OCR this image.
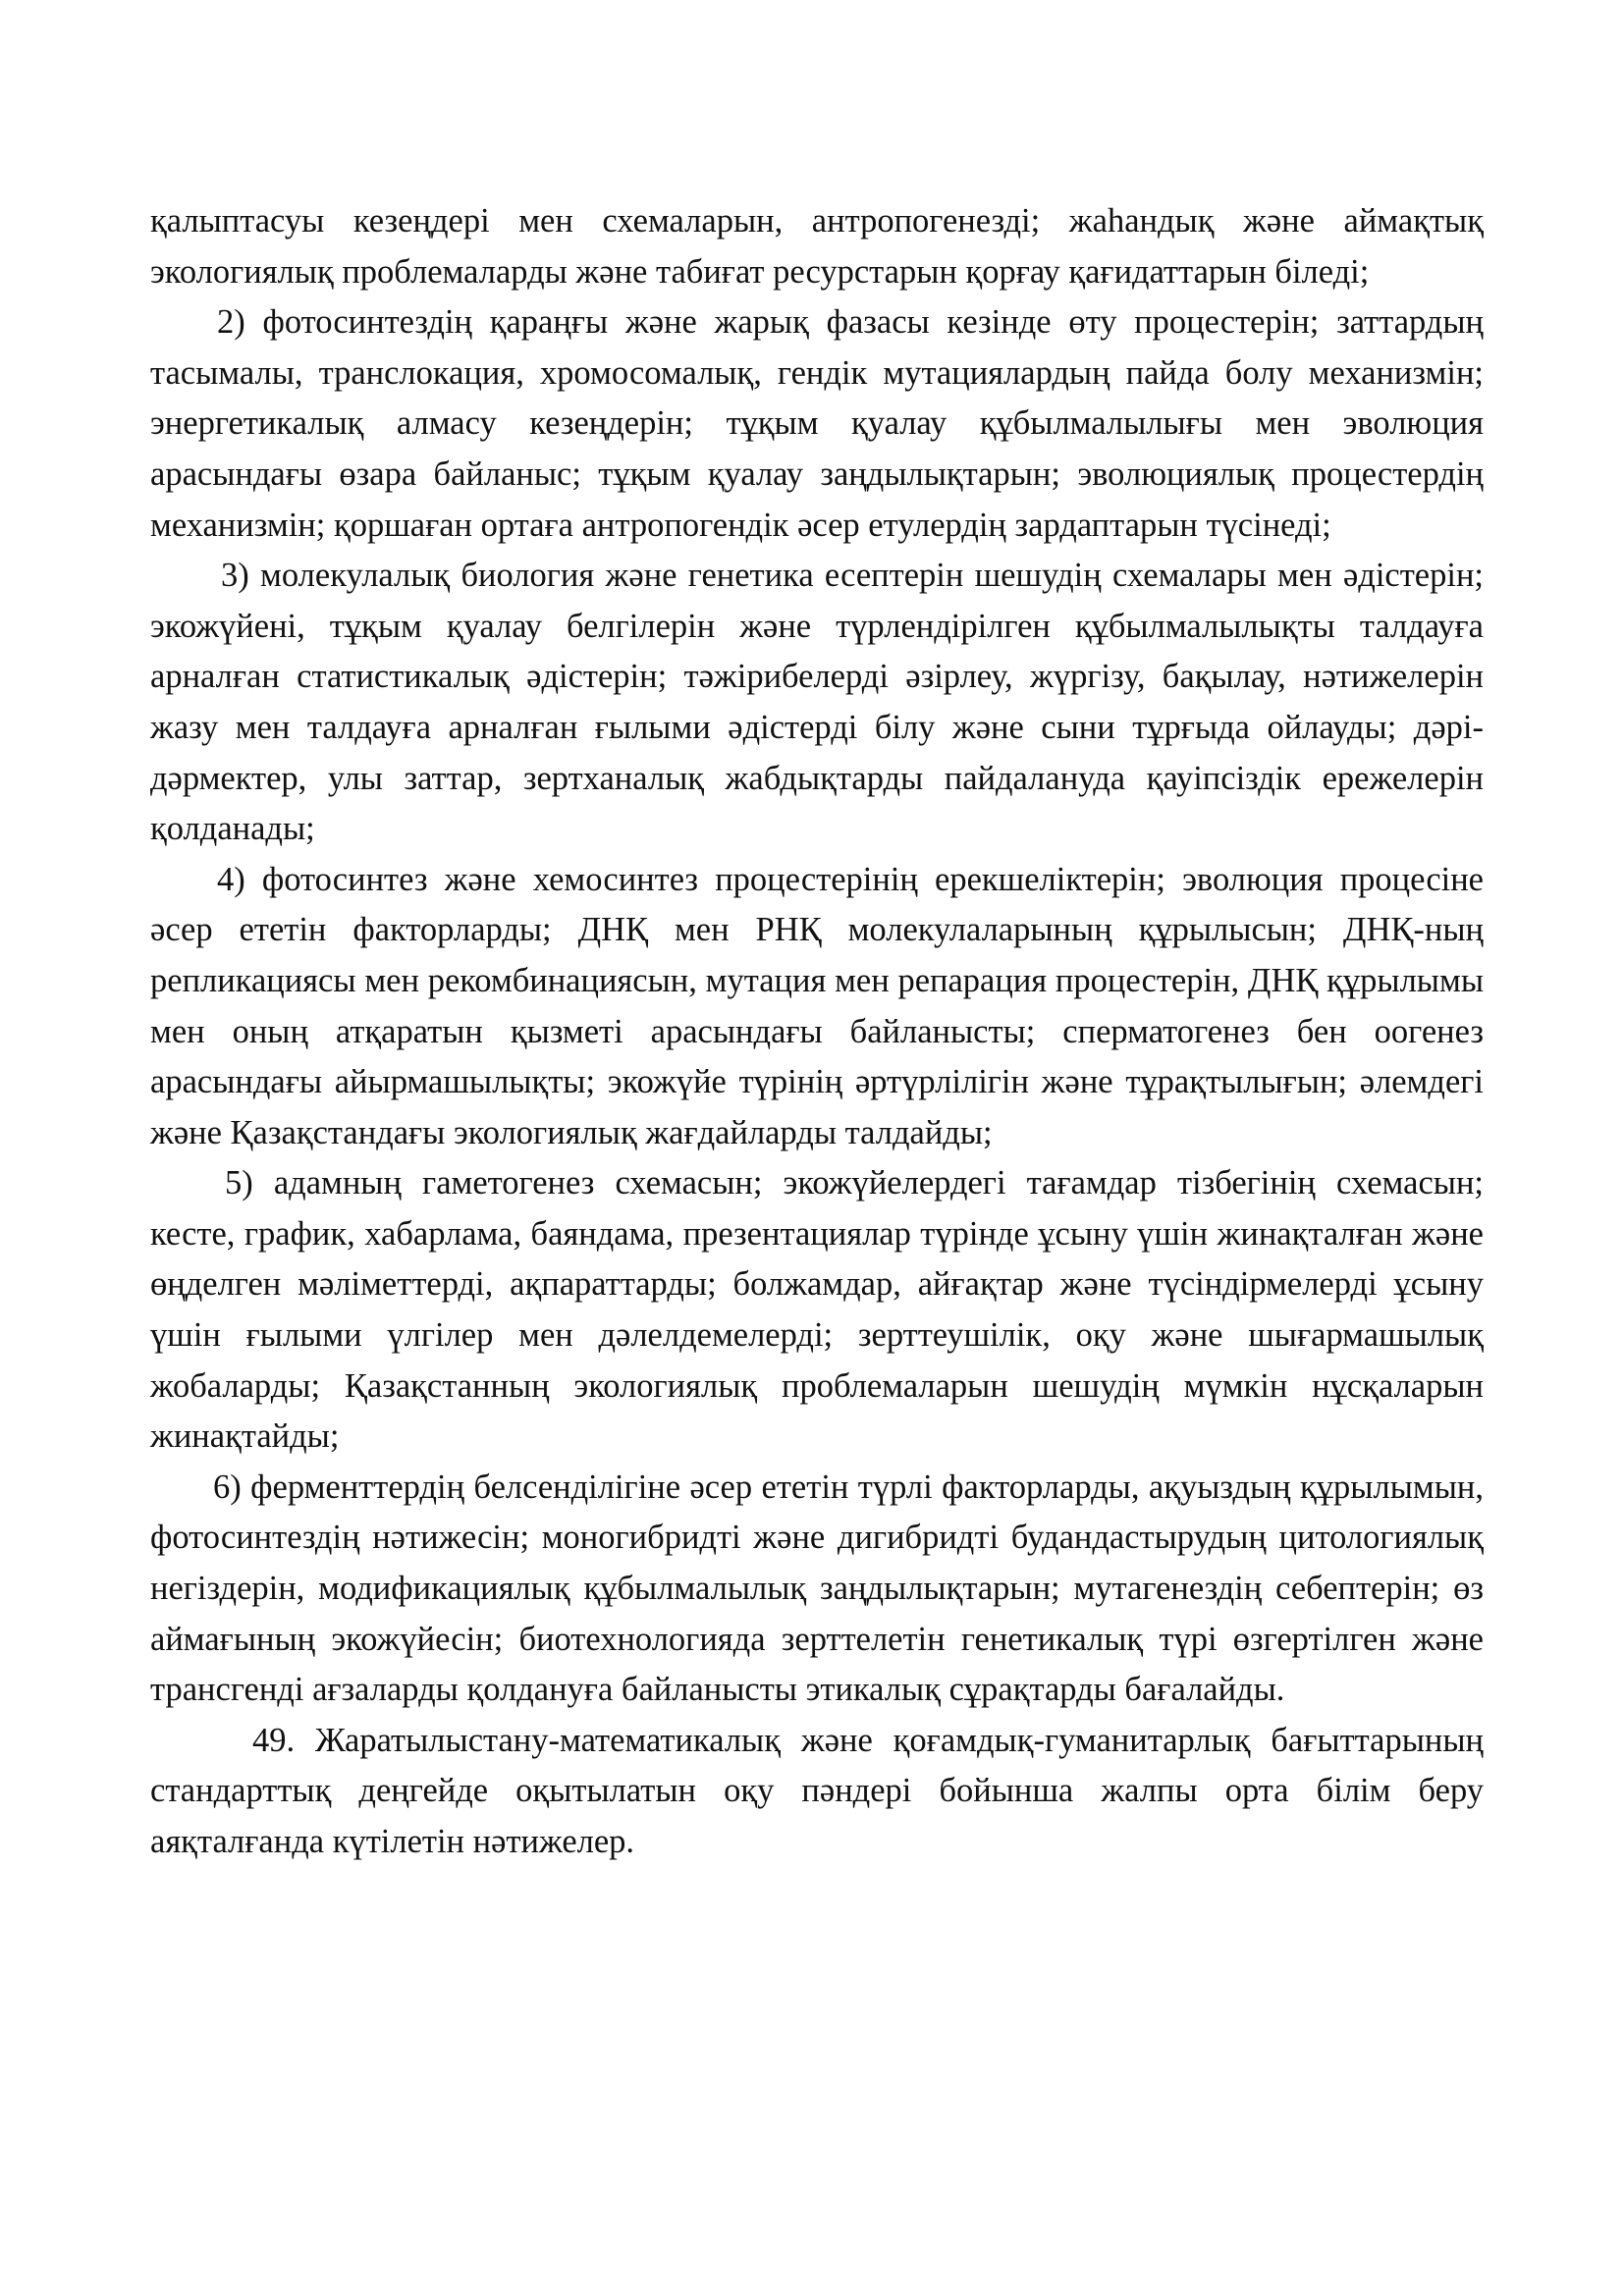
қалыптасуы кезеңдері мен схемаларын, антропогенезді; жаһандық және аймақтық экологиялық проблемаларды және табиғат ресурстарын қорғау қағидаттарын біледі;

2) фотосинтездің қараңғы және жарық фазасы кезінде өту процестерін; заттардың тасымалы, транслокация, хромосомалық, гендік мутациялардың пайда болу механизмін; энергетикалық алмасу кезеңдерін; тұқым қуалау құбылмалылығы мен эволюция арасындағы өзара байланыс; тұқым қуалау заңдылықтарын; эволюциялық процестердің механизмін; қоршаған ортаға антропогендік әсер етулердің зардаптарын түсінеді;

3) молекулалық биология және генетика есептерін шешудің схемалары мен әдістерін; экожүйені, тұқым қуалау белгілерін және түрлендірілген құбылмалылықты талдауға арналған статистикалық әдістерін; тәжірибелерді әзірлеу, жүргізу, бақылау, нәтижелерін жазу мен талдауға арналған ғылыми әдістерді білу және сыни тұрғыда ойлауды; дәрі-дәрмектер, улы заттар, зертханалық жабдықтарды пайдалануда қауіпсіздік ережелерін қолданады;

4) фотосинтез және хемосинтез процестерінің ерекшеліктерін; эволюция процесіне әсер ететін факторларды; ДНҚ мен РНҚ молекулаларының құрылысын; ДНҚ-ның репликациясы мен рекомбинациясын, мутация мен репарация процестерін, ДНҚ құрылымы мен оның атқаратын қызметі арасындағы байланысты; сперматогенез бен оогенез арасындағы айырмашылықты; экожүйе түрінің әртүрлілігін және тұрақтылығын; әлемдегі және Қазақстандағы экологиялық жағдайларды талдайды;

5) адамның гаметогенез схемасын; экожүйелердегі тағамдар тізбегінің схемасын; кесте, график, хабарлама, баяндама, презентациялар түрінде ұсыну үшін жинақталған және өңделген мәліметтерді, ақпараттарды; болжамдар, айғақтар және түсіндірмелерді ұсыну үшін ғылыми үлгілер мен дәлелдемелерді; зерттеушілік, оқу және шығармашылық жобаларды; Қазақстанның экологиялық проблемаларын шешудің мүмкін нұсқаларын жинақтайды;

6) ферменттердің белсенділігіне әсер ететін түрлі факторларды, ақуыздың құрылымын, фотосинтездің нәтижесін; моногибридті және дигибридті будандастырудың цитологиялық негіздерін, модификациялық құбылмалылық заңдылықтарын; мутагенездің себептерін; өз аймағының экожүйесін; биотехнологияда зерттелетін генетикалық түрі өзгертілген және трансгенді ағзаларды қолдануға байланысты этикалық сұрақтарды бағалайды.

49. Жаратылыстану-математикалық және қоғамдық-гуманитарлық бағыттарының стандарттық деңгейде оқытылатын оқу пәндері бойынша жалпы орта білім беру аяқталғанда күтілетін нәтижелер.
